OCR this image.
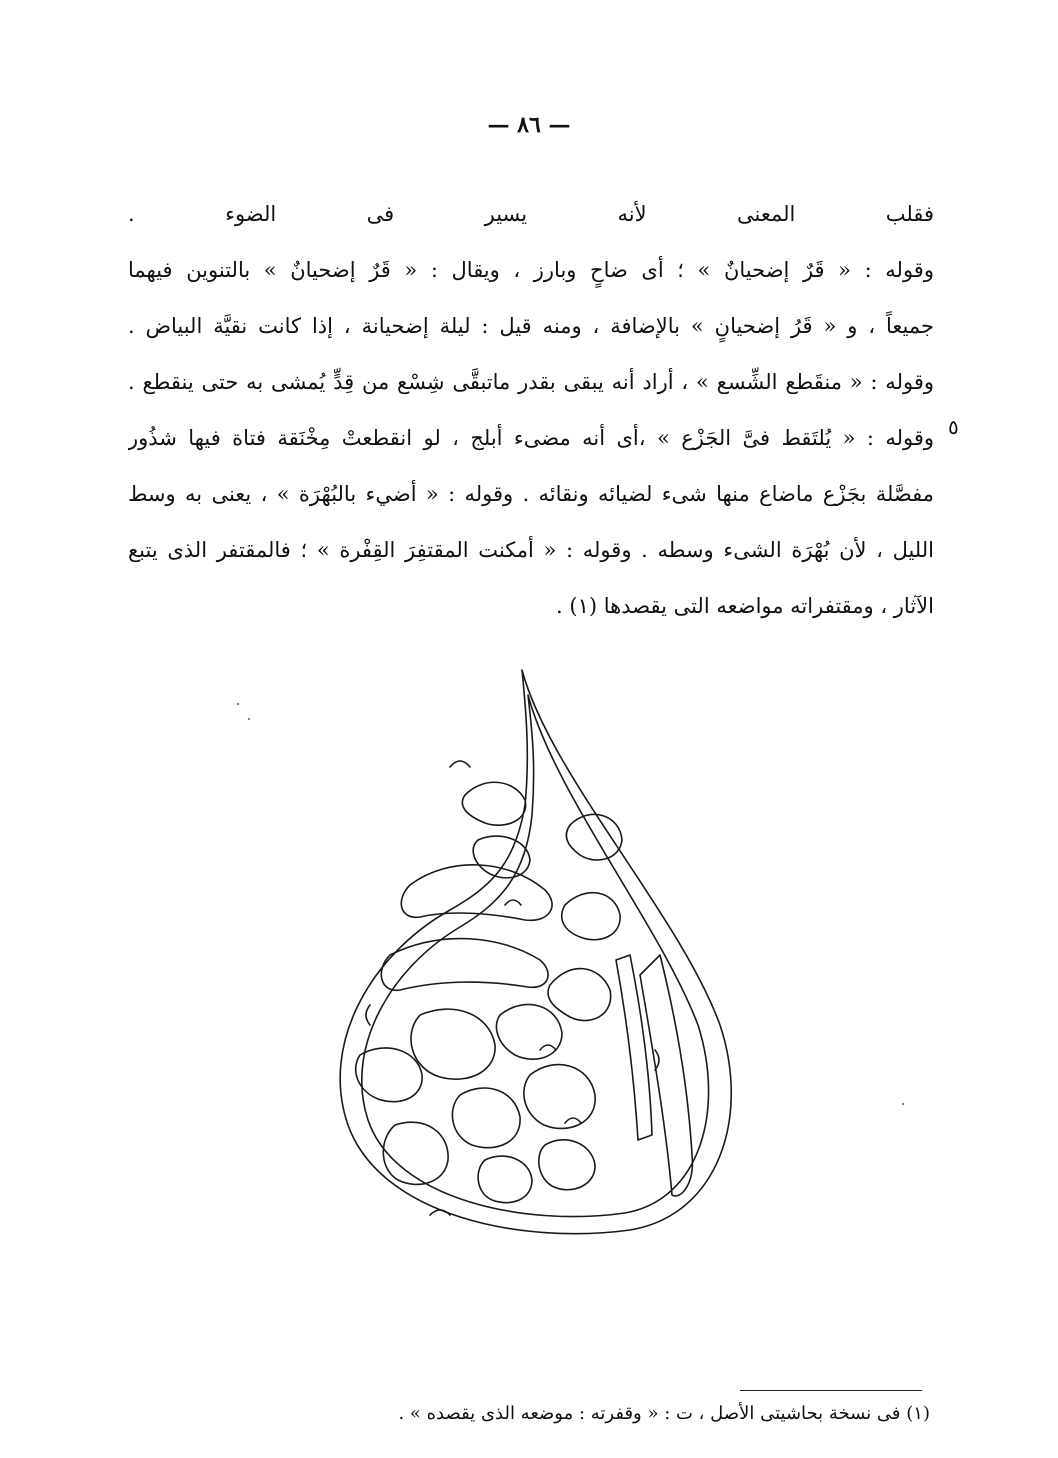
— ٨٦ —
فقلب المعنى لأنه يسير فى الضوء .
وقوله : « قَرٌ إضحيانٌ » ؛ أى ضاحٍ وبارز ، ويقال : « قَرٌ إضحيانٌ » بالتنوين فيهما
جميعاً ، و « قَرُ إضحيانٍ » بالإضافة ، ومنه قيل : ليلة إضحيانة ، إذا كانت نقيَّة البياض .
وقوله : « منقَطع الشِّسع » ، أراد أنه يبقى بقدر ماتبقَّى شِسْع من قِدٍّ يُمشى به حتى ينقطع .
وقوله : « يُلتَقط فىَّ الجَزْع » ،أى أنه مضىء أبلج ، لو انقطعتْ مِخْنَقة فتاة فيها شذُور
مفصَّلة بجَزْع ماضاع منها شىء لضيائه ونقائه . وقوله : « أضيء بالبُهْرَة » ، يعنى به وسط
الليل ، لأن بُهْرَة الشىء وسطه . وقوله : « أمكنت المقتفِرَ القِفْرة » ؛ فالمقتفر الذى يتبع
الآثار ، ومقتفراته مواضعه التى يقصدها (١) .
٥
(١) فى نسخة بحاشيتى الأصل ، ت : « وقفرته : موضعه الذى يقصده » .
